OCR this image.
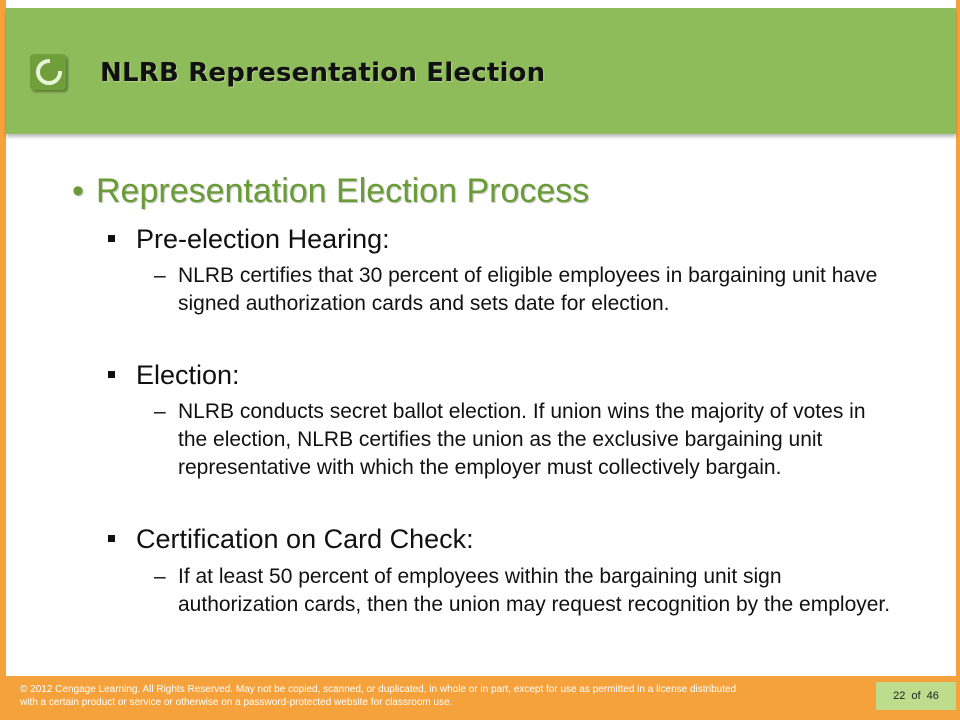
NLRB Representation Election
• Representation Election Process
Pre-election Hearing:
– NLRB certifies that 30 percent of eligible employees in bargaining unit have signed authorization cards and sets date for election.
Election:
– NLRB conducts secret ballot election. If union wins the majority of votes in the election, NLRB certifies the union as the exclusive bargaining unit representative with which the employer must collectively bargain.
Certification on Card Check:
– If at least 50 percent of employees within the bargaining unit sign authorization cards, then the union may request recognition by the employer.
© 2012 Cengage Learning. All Rights Reserved. May not be copied, scanned, or duplicated, in whole or in part, except for use as permitted in a license distributed with a certain product or service or otherwise on a password-protected website for classroom use.
22 of 46
